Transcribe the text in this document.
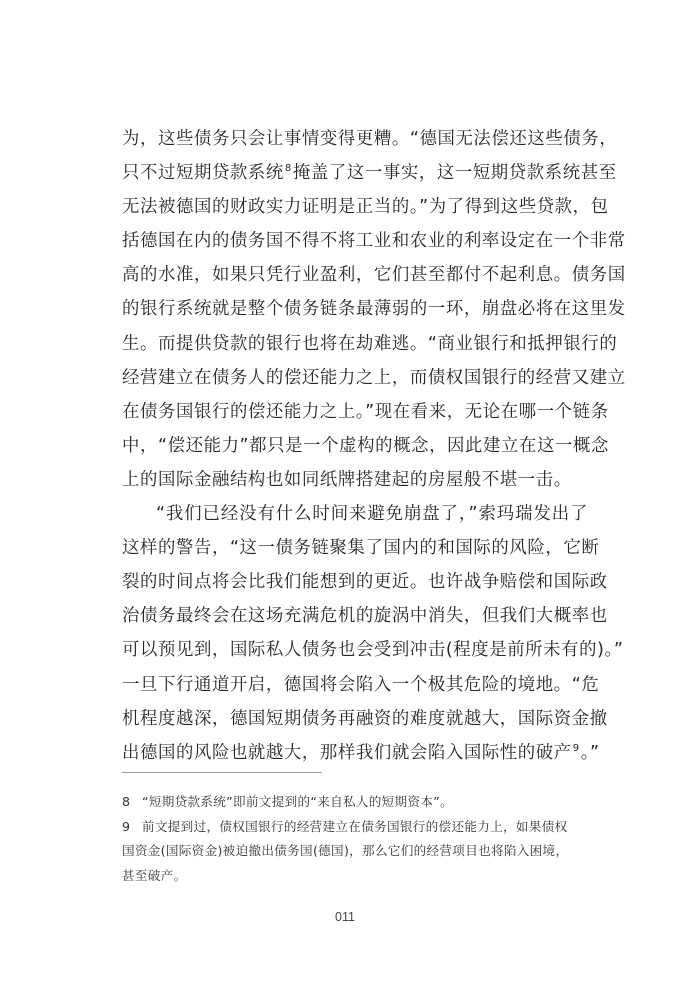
为，这些债务只会让事情变得更糟。“德国无法偿还这些债务，
只不过短期贷款系统$^8$掩盖了这一事实，这一短期贷款系统甚至
无法被德国的财政实力证明是正当的。”为了得到这些贷款，包
括德国在内的债务国不得不将工业和农业的利率设定在一个非常
高的水准，如果只凭行业盈利，它们甚至都付不起利息。债务国
的银行系统就是整个债务链条最薄弱的一环，崩盘必将在这里发
生。而提供贷款的银行也将在劫难逃。“商业银行和抵押银行的
经营建立在债务人的偿还能力之上，而债权国银行的经营又建立
在债务国银行的偿还能力之上。”现在看来，无论在哪一个链条
中，“偿还能力”都只是一个虚构的概念，因此建立在这一概念
上的国际金融结构也如同纸牌搭建起的房屋般不堪一击。
“我们已经没有什么时间来避免崩盘了，”索玛瑞发出了
这样的警告，“这一债务链聚集了国内的和国际的风险，它断
裂的时间点将会比我们能想到的更近。也许战争赔偿和国际政
治债务最终会在这场充满危机的旋涡中消失，但我们大概率也
可以预见到，国际私人债务也会受到冲击(程度是前所未有的)。”
一旦下行通道开启，德国将会陷入一个极其危险的境地。“危
机程度越深，德国短期债务再融资的难度就越大，国际资金撤
出德国的风险也就越大，那样我们就会陷入国际性的破产$^9$。”
8 “短期贷款系统”即前文提到的“来自私人的短期资本”。
9 前文提到过，债权国银行的经营建立在债务国银行的偿还能力上，如果债权
国资金(国际资金)被迫撤出债务国(德国)，那么它们的经营项目也将陷入困境，
甚至破产。
011
